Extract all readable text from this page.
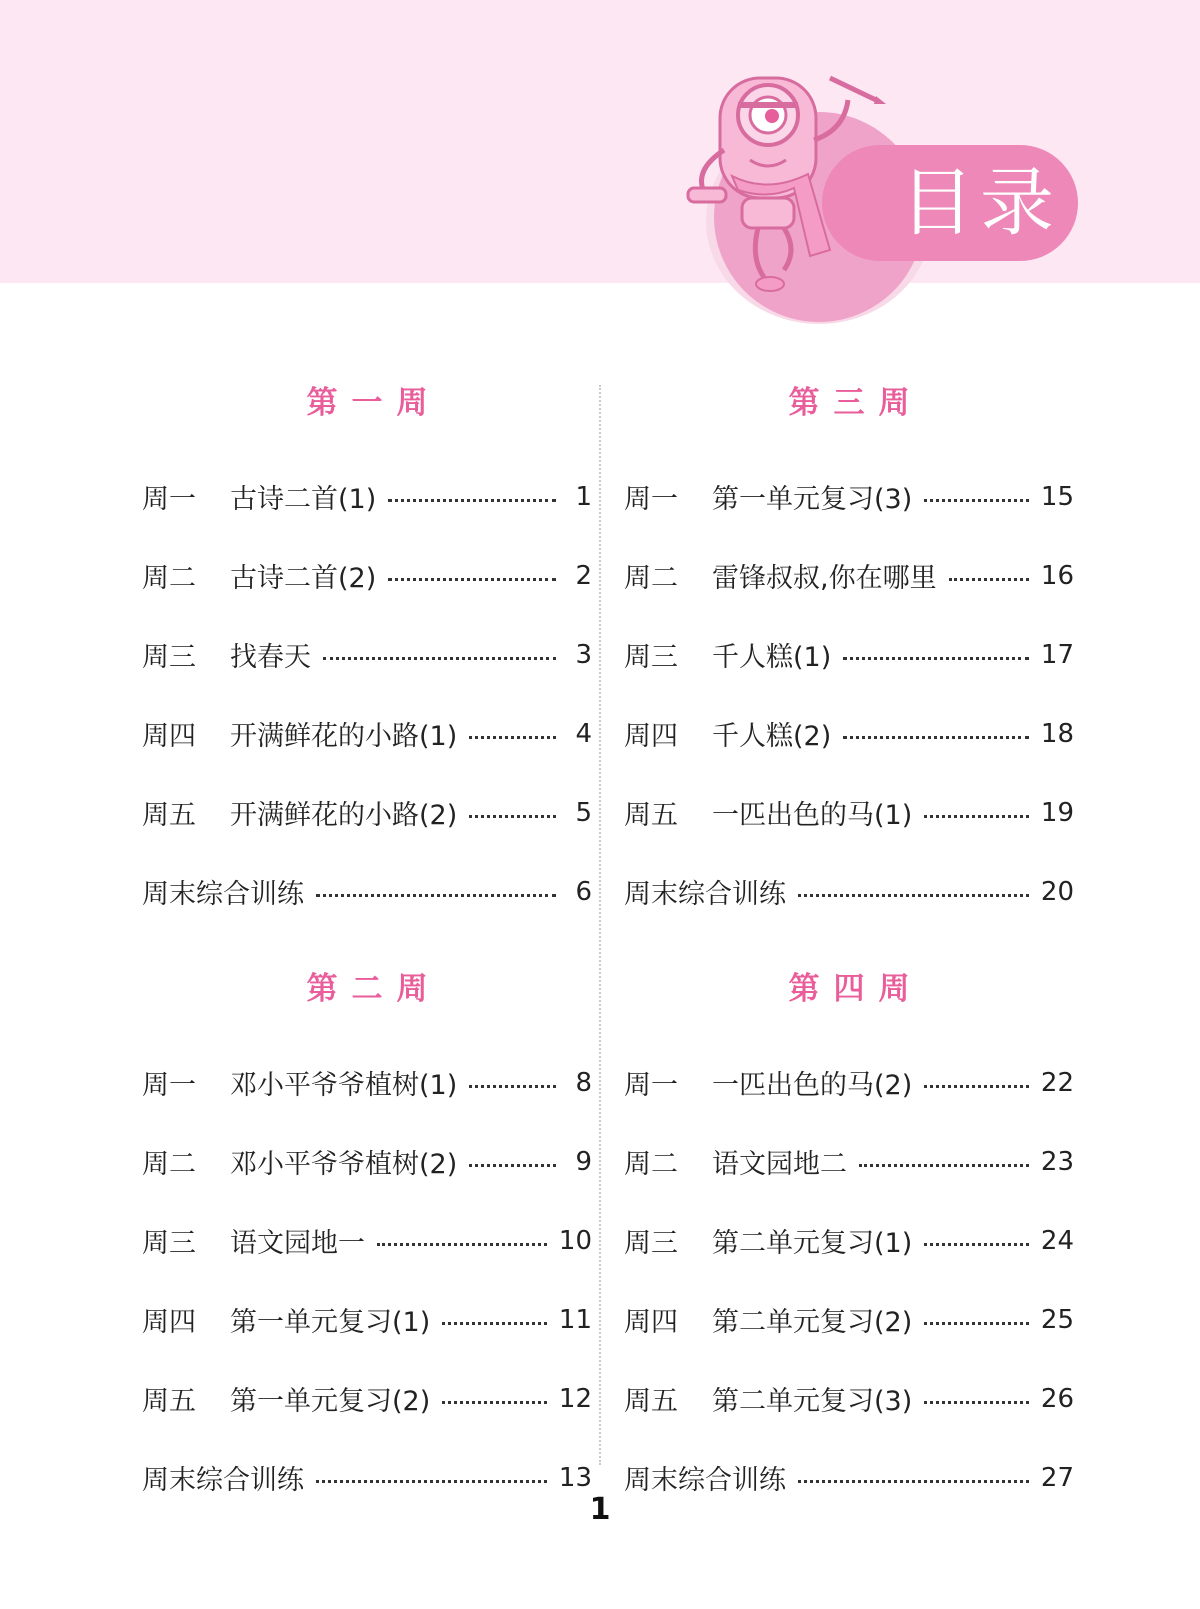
目录
第一周
周一	古诗二首(1)	1
周二	古诗二首(2)	2
周三	找春天	3
周四	开满鲜花的小路(1)	4
周五	开满鲜花的小路(2)	5
周末综合训练	6
第二周
周一	邓小平爷爷植树(1)	8
周二	邓小平爷爷植树(2)	9
周三	语文园地一	10
周四	第一单元复习(1)	11
周五	第一单元复习(2)	12
周末综合训练	13
第三周
周一	第一单元复习(3)	15
周二	雷锋叔叔,你在哪里	16
周三	千人糕(1)	17
周四	千人糕(2)	18
周五	一匹出色的马(1)	19
周末综合训练	20
第四周
周一	一匹出色的马(2)	22
周二	语文园地二	23
周三	第二单元复习(1)	24
周四	第二单元复习(2)	25
周五	第二单元复习(3)	26
周末综合训练	27
1
